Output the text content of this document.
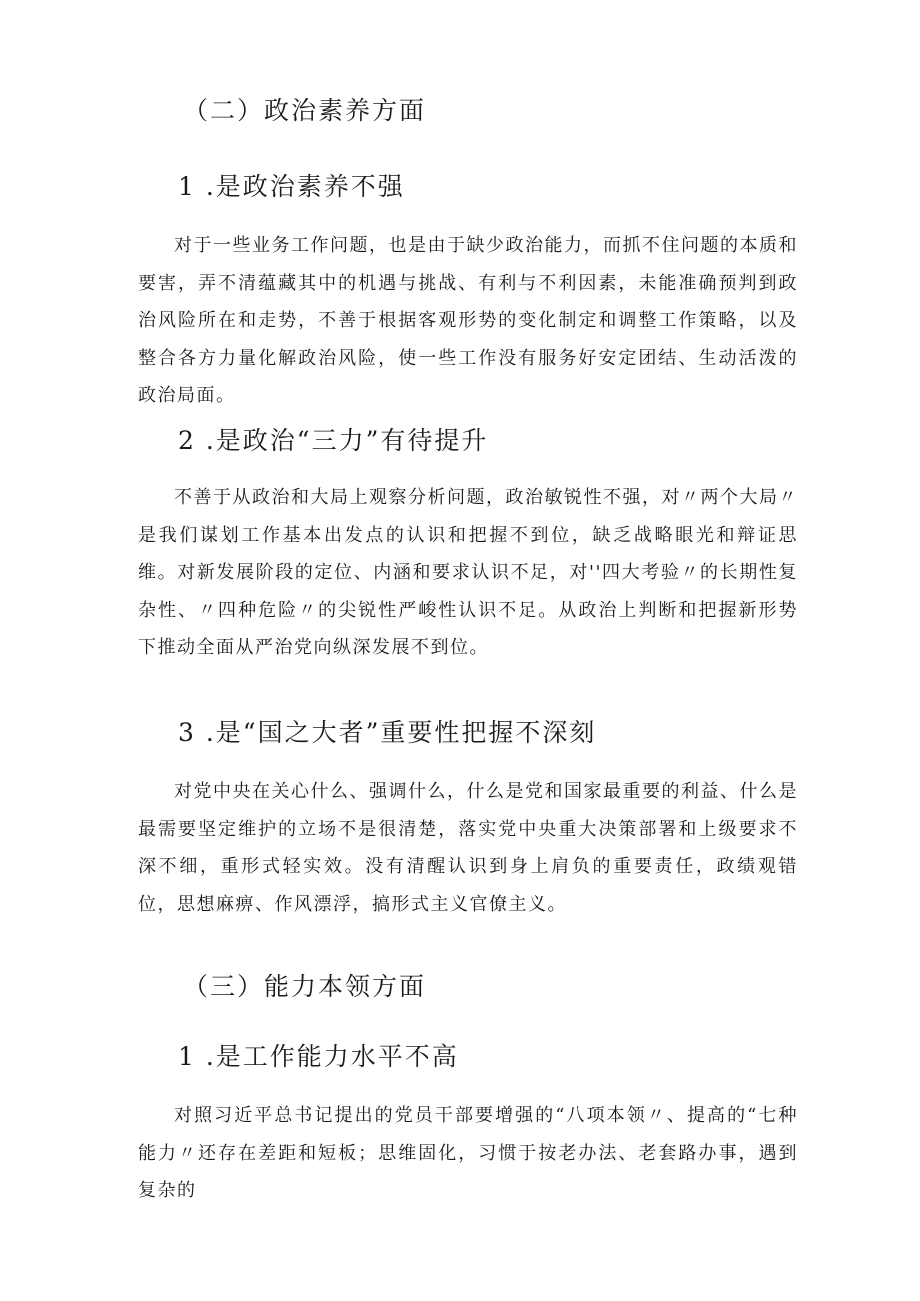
（二）政治素养方面
1 .是政治素养不强

对于一些业务工作问题，也是由于缺少政治能力，而抓不住问题的本质和要害，弄不清蕴藏其中的机遇与挑战、有利与不利因素，未能准确预判到政治风险所在和走势，不善于根据客观形势的变化制定和调整工作策略，以及整合各方力量化解政治风险，使一些工作没有服务好安定团结、生动活泼的政治局面。

2 .是政治“三力”有待提升

不善于从政治和大局上观察分析问题，政治敏锐性不强，对〃两个大局〃是我们谋划工作基本出发点的认识和把握不到位，缺乏战略眼光和辩证思维。对新发展阶段的定位、内涵和要求认识不足，对''四大考验〃的长期性复杂性、〃四种危险〃的尖锐性严峻性认识不足。从政治上判断和把握新形势下推动全面从严治党向纵深发展不到位。

3 .是“国之大者”重要性把握不深刻

对党中央在关心什么、强调什么，什么是党和国家最重要的利益、什么是最需要坚定维护的立场不是很清楚，落实党中央重大决策部署和上级要求不深不细，重形式轻实效。没有清醒认识到身上肩负的重要责任，政绩观错位，思想麻痹、作风漂浮，搞形式主义官僚主义。

（三）能力本领方面
1 .是工作能力水平不高

对照习近平总书记提出的党员干部要增强的“八项本领〃、提高的“七种能力〃还存在差距和短板；思维固化，习惯于按老办法、老套路办事，遇到复杂的
